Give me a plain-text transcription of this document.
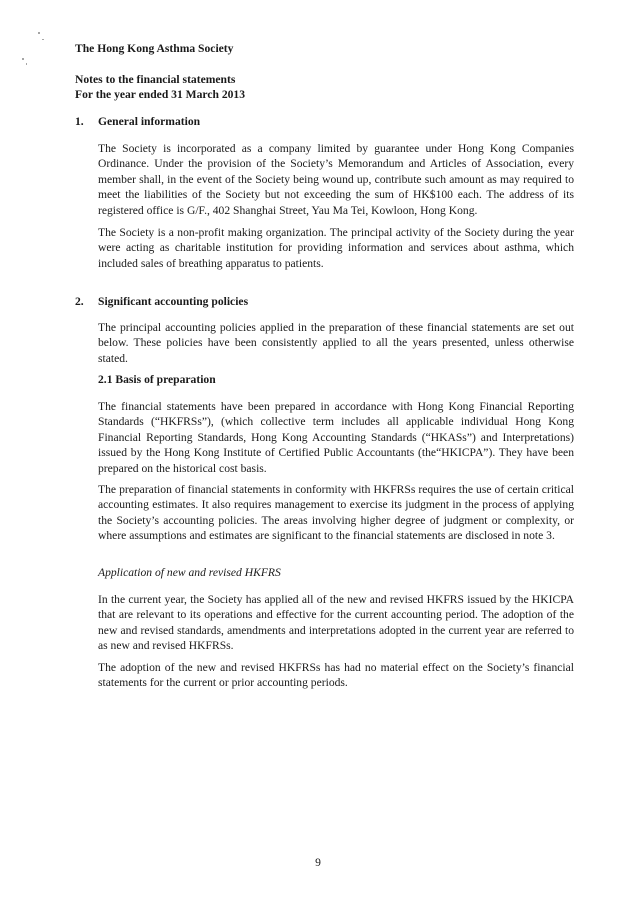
The Hong Kong Asthma Society
Notes to the financial statements
For the year ended 31 March 2013
1. General information

The Society is incorporated as a company limited by guarantee under Hong Kong Companies Ordinance. Under the provision of the Society’s Memorandum and Articles of Association, every member shall, in the event of the Society being wound up, contribute such amount as may required to meet the liabilities of the Society but not exceeding the sum of HK$100 each. The address of its registered office is G/F., 402 Shanghai Street, Yau Ma Tei, Kowloon, Hong Kong.

The Society is a non-profit making organization. The principal activity of the Society during the year were acting as charitable institution for providing information and services about asthma, which included sales of breathing apparatus to patients.

2. Significant accounting policies

The principal accounting policies applied in the preparation of these financial statements are set out below. These policies have been consistently applied to all the years presented, unless otherwise stated.

2.1 Basis of preparation

The financial statements have been prepared in accordance with Hong Kong Financial Reporting Standards (“HKFRSs”), (which collective term includes all applicable individual Hong Kong Financial Reporting Standards, Hong Kong Accounting Standards (“HKASs”) and Interpretations) issued by the Hong Kong Institute of Certified Public Accountants (the“HKICPA”). They have been prepared on the historical cost basis.

The preparation of financial statements in conformity with HKFRSs requires the use of certain critical accounting estimates. It also requires management to exercise its judgment in the process of applying the Society’s accounting policies. The areas involving higher degree of judgment or complexity, or where assumptions and estimates are significant to the financial statements are disclosed in note 3.

Application of new and revised HKFRS

In the current year, the Society has applied all of the new and revised HKFRS issued by the HKICPA that are relevant to its operations and effective for the current accounting period. The adoption of the new and revised standards, amendments and interpretations adopted in the current year are referred to as new and revised HKFRSs.

The adoption of the new and revised HKFRSs has had no material effect on the Society’s financial statements for the current or prior accounting periods.

9
